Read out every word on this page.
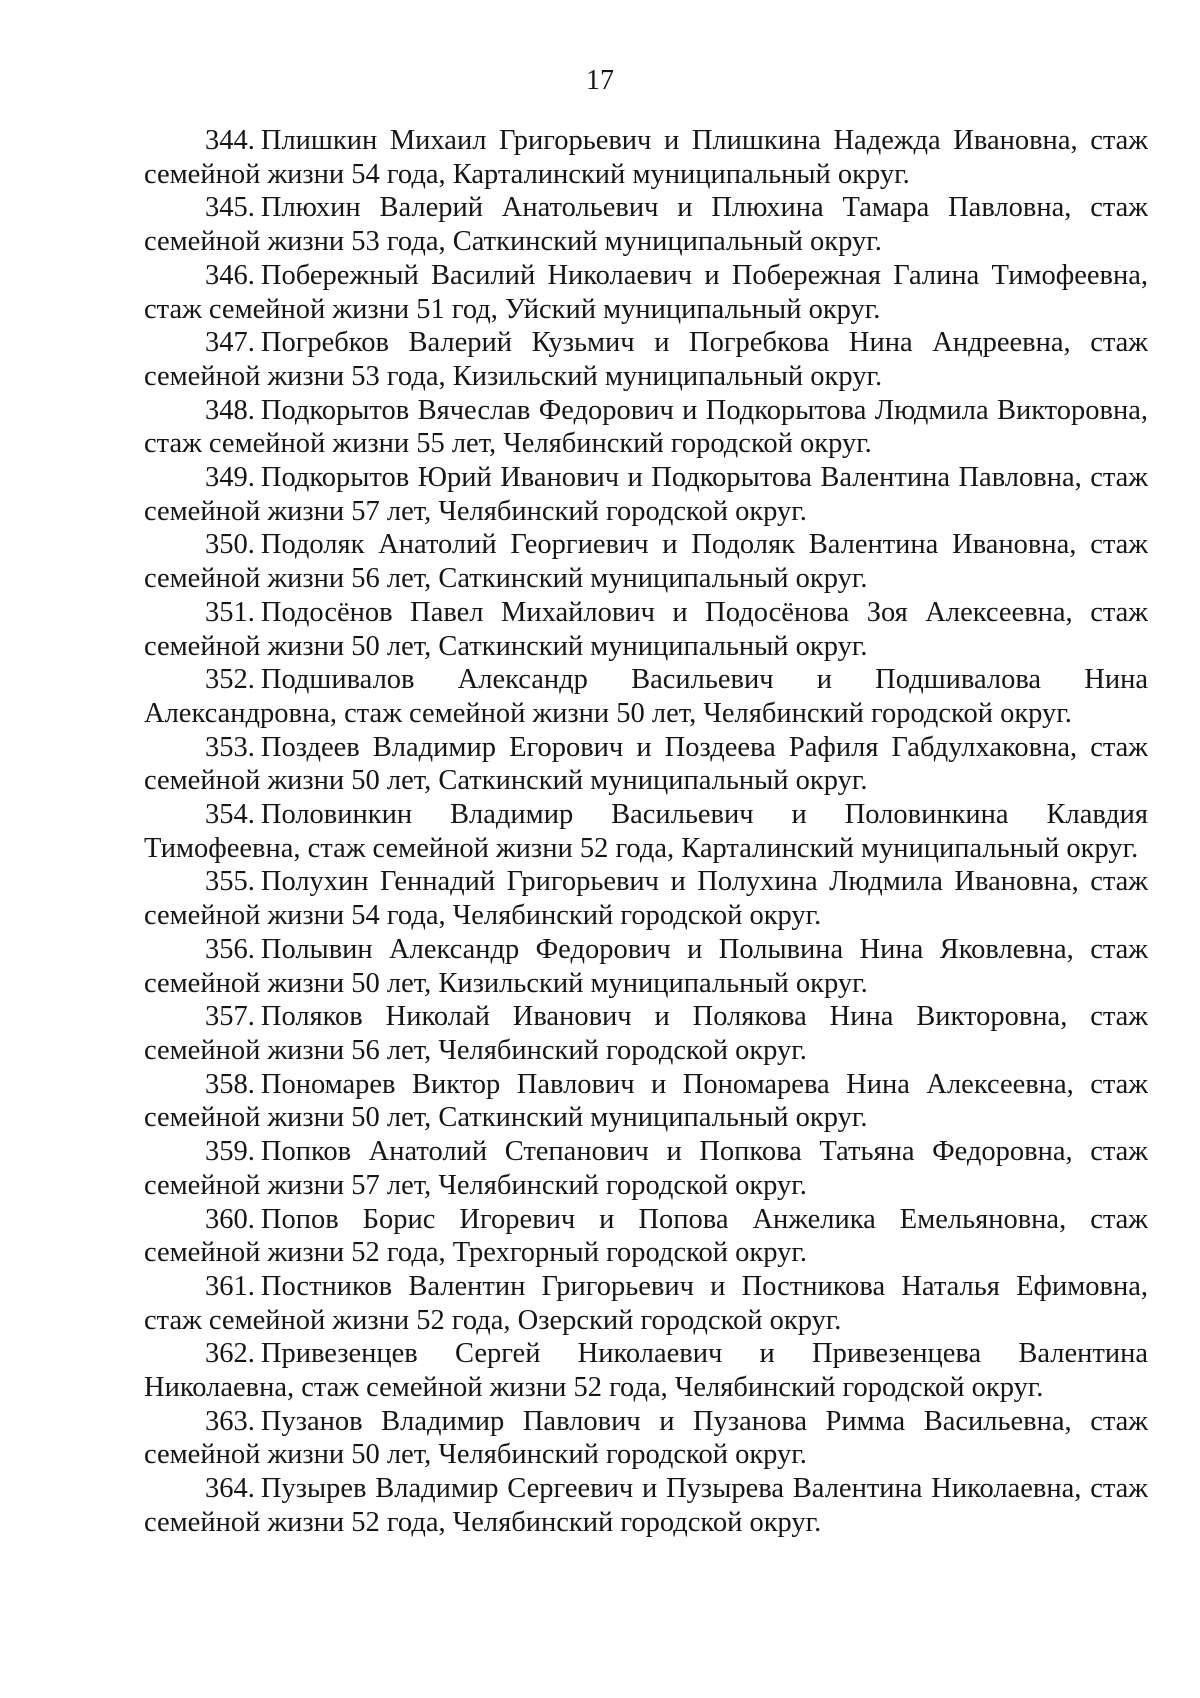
17

344. Плишкин Михаил Григорьевич и Плишкина Надежда Ивановна, стаж семейной жизни 54 года, Карталинский муниципальный округ.

345. Плюхин Валерий Анатольевич и Плюхина Тамара Павловна, стаж семейной жизни 53 года, Саткинский муниципальный округ.

346. Побережный Василий Николаевич и Побережная Галина Тимофеевна, стаж семейной жизни 51 год, Уйский муниципальный округ.

347. Погребков Валерий Кузьмич и Погребкова Нина Андреевна, стаж семейной жизни 53 года, Кизильский муниципальный округ.

348. Подкорытов Вячеслав Федорович и Подкорытова Людмила Викторовна, стаж семейной жизни 55 лет, Челябинский городской округ.

349. Подкорытов Юрий Иванович и Подкорытова Валентина Павловна, стаж семейной жизни 57 лет, Челябинский городской округ.

350. Подоляк Анатолий Георгиевич и Подоляк Валентина Ивановна, стаж семейной жизни 56 лет, Саткинский муниципальный округ.

351. Подосёнов Павел Михайлович и Подосёнова Зоя Алексеевна, стаж семейной жизни 50 лет, Саткинский муниципальный округ.

352. Подшивалов Александр Васильевич и Подшивалова Нина Александровна, стаж семейной жизни 50 лет, Челябинский городской округ.

353. Поздеев Владимир Егорович и Поздеева Рафиля Габдулхаковна, стаж семейной жизни 50 лет, Саткинский муниципальный округ.

354. Половинкин Владимир Васильевич и Половинкина Клавдия Тимофеевна, стаж семейной жизни 52 года, Карталинский муниципальный округ.

355. Полухин Геннадий Григорьевич и Полухина Людмила Ивановна, стаж семейной жизни 54 года, Челябинский городской округ.

356. Полывин Александр Федорович и Полывина Нина Яковлевна, стаж семейной жизни 50 лет, Кизильский муниципальный округ.

357. Поляков Николай Иванович и Полякова Нина Викторовна, стаж семейной жизни 56 лет, Челябинский городской округ.

358. Пономарев Виктор Павлович и Пономарева Нина Алексеевна, стаж семейной жизни 50 лет, Саткинский муниципальный округ.

359. Попков Анатолий Степанович и Попкова Татьяна Федоровна, стаж семейной жизни 57 лет, Челябинский городской округ.

360. Попов Борис Игоревич и Попова Анжелика Емельяновна, стаж семейной жизни 52 года, Трехгорный городской округ.

361. Постников Валентин Григорьевич и Постникова Наталья Ефимовна, стаж семейной жизни 52 года, Озерский городской округ.

362. Привезенцев Сергей Николаевич и Привезенцева Валентина Николаевна, стаж семейной жизни 52 года, Челябинский городской округ.

363. Пузанов Владимир Павлович и Пузанова Римма Васильевна, стаж семейной жизни 50 лет, Челябинский городской округ.

364. Пузырев Владимир Сергеевич и Пузырева Валентина Николаевна, стаж семейной жизни 52 года, Челябинский городской округ.
